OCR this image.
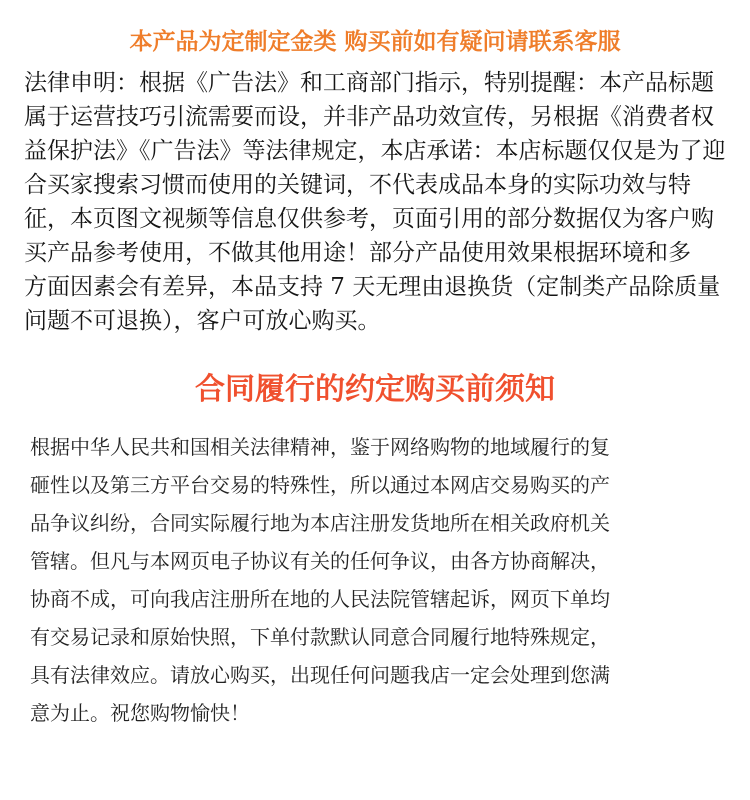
本产品为定制定金类 购买前如有疑问请联系客服
法律申明：根据《广告法》和工商部门指示，特别提醒：本产品标题
属于运营技巧引流需要而设，并非产品功效宣传，另根据《消费者权
益保护法》《广告法》等法律规定，本店承诺：本店标题仅仅是为了迎
合买家搜索习惯而使用的关键词，不代表成品本身的实际功效与特
征，本页图文视频等信息仅供参考，页面引用的部分数据仅为客户购
买产品参考使用，不做其他用途！部分产品使用效果根据环境和多
方面因素会有差异，本品支持 7 天无理由退换货（定制类产品除质量
问题不可退换），客户可放心购买。
合同履行的约定购买前须知
根据中华人民共和国相关法律精神，鉴于网络购物的地域履行的复
砸性以及第三方平台交易的特殊性，所以通过本网店交易购买的产
品争议纠纷，合同实际履行地为本店注册发货地所在相关政府机关
管辖。但凡与本网页电子协议有关的任何争议，由各方协商解决，
协商不成，可向我店注册所在地的人民法院管辖起诉，网页下单均
有交易记录和原始快照，下单付款默认同意合同履行地特殊规定，
具有法律效应。请放心购买，出现任何问题我店一定会处理到您满
意为止。祝您购物愉快！
